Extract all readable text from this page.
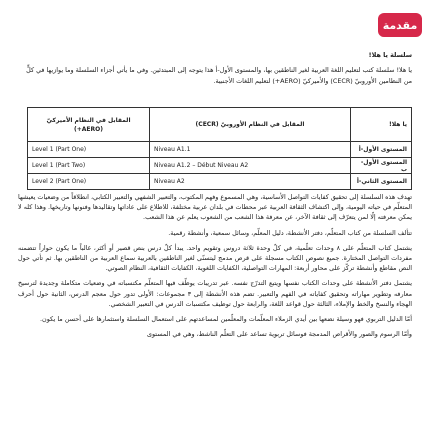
مقدمة
سلسلة يا هلا!

يا هلا! سلسلة كتب لتعليم اللغة العربية لغير الناطقين بها، والمستوى الأول-أ هذا يتوجه إلى المبتدئين. وفي ما يأتي أجزاء السلسلة وما يوازيها في كلٍّ من النظامين الأوروبيّ (CECR) والأميركيّ (AERO+) لتعليم اللغات الأجنبية.

يا هلا!	المقابل في النظام الأوروبيّ (CECR)	المقابل في النظام الأميركيّ (AERO+)
المستوى الأول-أ	Niveau A1.1	Level 1 (Part One)
المستوى الأول-ب	Niveau A1.2 – Début Niveau A2	Level 1 (Part Two)
المستوى الثاني-أ	Niveau A2	Level 2 (Part One)

تهدف هذه السلسلة إلى تحقيق كفايات التواصل الأساسية، وهي المسموع وفهم المكتوب، والتعبير الشفهي والتعبير الكتابي، انطلاقاً من وضعيات يعيشها المتعلّم في حياته اليومية، وإلى اكتشاف الثقافة العربية عبر محطات في بلدان عربية مختلفة، للاطلاع على عاداتها وتقاليدها وفنونها وتاريخها. وهذا كله لا يمكن معرفته إلّا لمن يتعرّف إلى ثقافة الآخر، عن معرفة هذا الشعب من الشعوب يعلم عن هذا الشعب.

تتألف السلسلة من كتاب المتعلّم، دفتر الأنشطة، دليل المعلّم، وسائل سمعية، وأنشطة رقمية.

يشتمل كتاب المتعلّم على ٨ وحدات تعلّمية، في كلّ وحدة ثلاثة دروس وتقويم واحد. يبدأ كلّ درس بنص قصير أو أكثر، غالباً ما يكون حواراً تتضمنه مفردات التواصل المختارة. جميع نصوص الكتاب مسجلة على قرص مدمج ليتسنّى لغير الناطقين بالعربية سماع العربية من الناطقين بها. ثم تأتي حول النص مقاطع وأنشطة تركّز على محاور أربعة: المهارات التواصلية، الكفايات اللغوية، الكفايات الثقافية، النظام الصوتي.

يشتمل دفتر الأنشطة على وحدات الكتاب نفسها ويتبع التدرّج نفسه. عبر تدريبات يوظّف فيها المتعلّم مكتسباته في وضعيات متكاملة وجديدة لترسيخ معارفه وتطوير مهاراته وتحقيق كفاياته في الفهم والتعبير. تضم هذه الأنشطة إلى ٣ مجموعات: الأولى تدور حول معجم الدرس، الثانية حول أحرف الهجاء والنسخ والخط والإملاء، الثالثة حول قواعد اللغة، والرابعة حول توظيف مكتسبات الدرس في التعبير الشخصي.

أمّا الدليل التربوي فهو وسيلة نضعها بين أيدي الزملاء المعلّمات والمعلّمين لمساعدتهم على استعمال السلسلة واستثمارها على أحسن ما يكون.

وأمّا الرسوم والصور والأقراص المدمجة فوسائل تربوية تساعد على التعلّم الناشط، وهي في المستوى
